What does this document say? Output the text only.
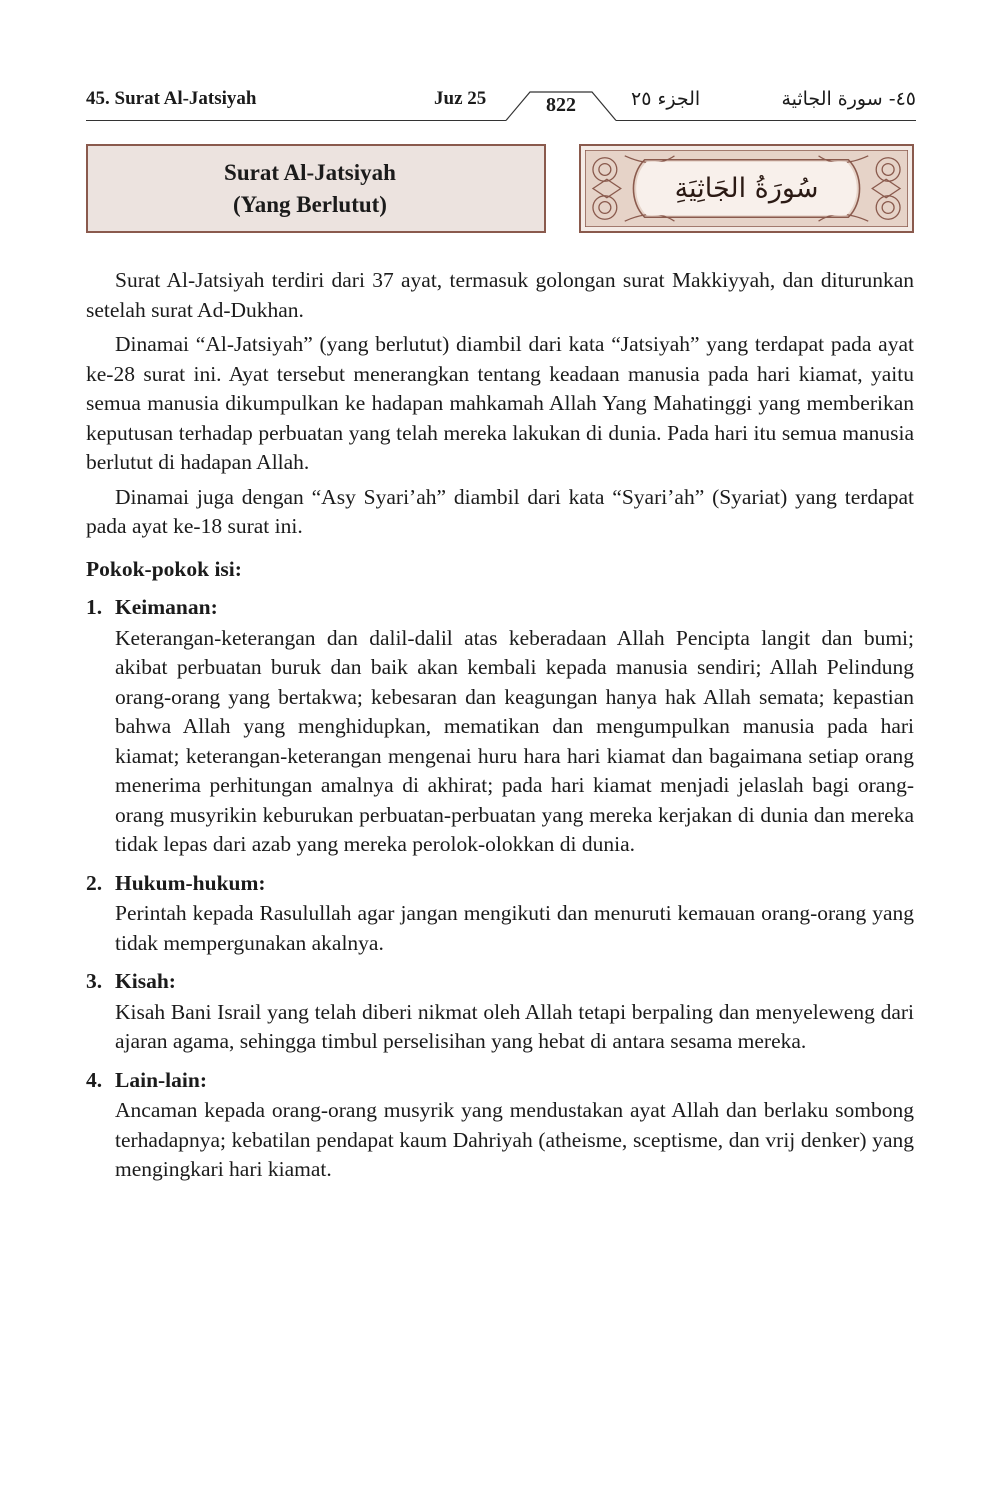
45. Surat Al-Jatsiyah	Juz 25	822	الجزء ٢٥	٤٥- سورة الجاثية
Surat Al-Jatsiyah
(Yang Berlutut)	سُورَةُ الجَاثِيَةِ

Surat Al-Jatsiyah terdiri dari 37 ayat, termasuk golongan surat Makkiyyah, dan diturunkan setelah surat Ad-Dukhan.

Dinamai “Al-Jatsiyah” (yang berlutut) diambil dari kata “Jatsiyah” yang terdapat pada ayat ke-28 surat ini. Ayat tersebut menerangkan tentang keadaan manusia pada hari kiamat, yaitu semua manusia dikumpulkan ke hadapan mahkamah Allah Yang Mahatinggi yang memberikan keputusan terhadap perbuatan yang telah mereka lakukan di dunia. Pada hari itu semua manusia berlutut di hadapan Allah.

Dinamai juga dengan “Asy Syari’ah” diambil dari kata “Syari’ah” (Syariat) yang terdapat pada ayat ke-18 surat ini.

Pokok-pokok isi:
1. Keimanan:
Keterangan-keterangan dan dalil-dalil atas keberadaan Allah Pencipta langit dan bumi; akibat perbuatan buruk dan baik akan kembali kepada manusia sendiri; Allah Pelindung orang-orang yang bertakwa; kebesaran dan keagungan hanya hak Allah semata; kepastian bahwa Allah yang menghidupkan, mematikan dan mengumpulkan manusia pada hari kiamat; keterangan-keterangan mengenai huru hara hari kiamat dan bagaimana setiap orang menerima perhitungan amalnya di akhirat; pada hari kiamat menjadi jelaslah bagi orang-orang musyrikin keburukan perbuatan-perbuatan yang mereka kerjakan di dunia dan mereka tidak lepas dari azab yang mereka perolok-olokkan di dunia.
2. Hukum-hukum:
Perintah kepada Rasulullah agar jangan mengikuti dan menuruti kemauan orang-orang yang tidak mempergunakan akalnya.
3. Kisah:
Kisah Bani Israil yang telah diberi nikmat oleh Allah tetapi berpaling dan menyeleweng dari ajaran agama, sehingga timbul perselisihan yang hebat di antara sesama mereka.
4. Lain-lain:
Ancaman kepada orang-orang musyrik yang mendustakan ayat Allah dan berlaku sombong terhadapnya; kebatilan pendapat kaum Dahriyah (atheisme, sceptisme, dan vrij denker) yang mengingkari hari kiamat.
